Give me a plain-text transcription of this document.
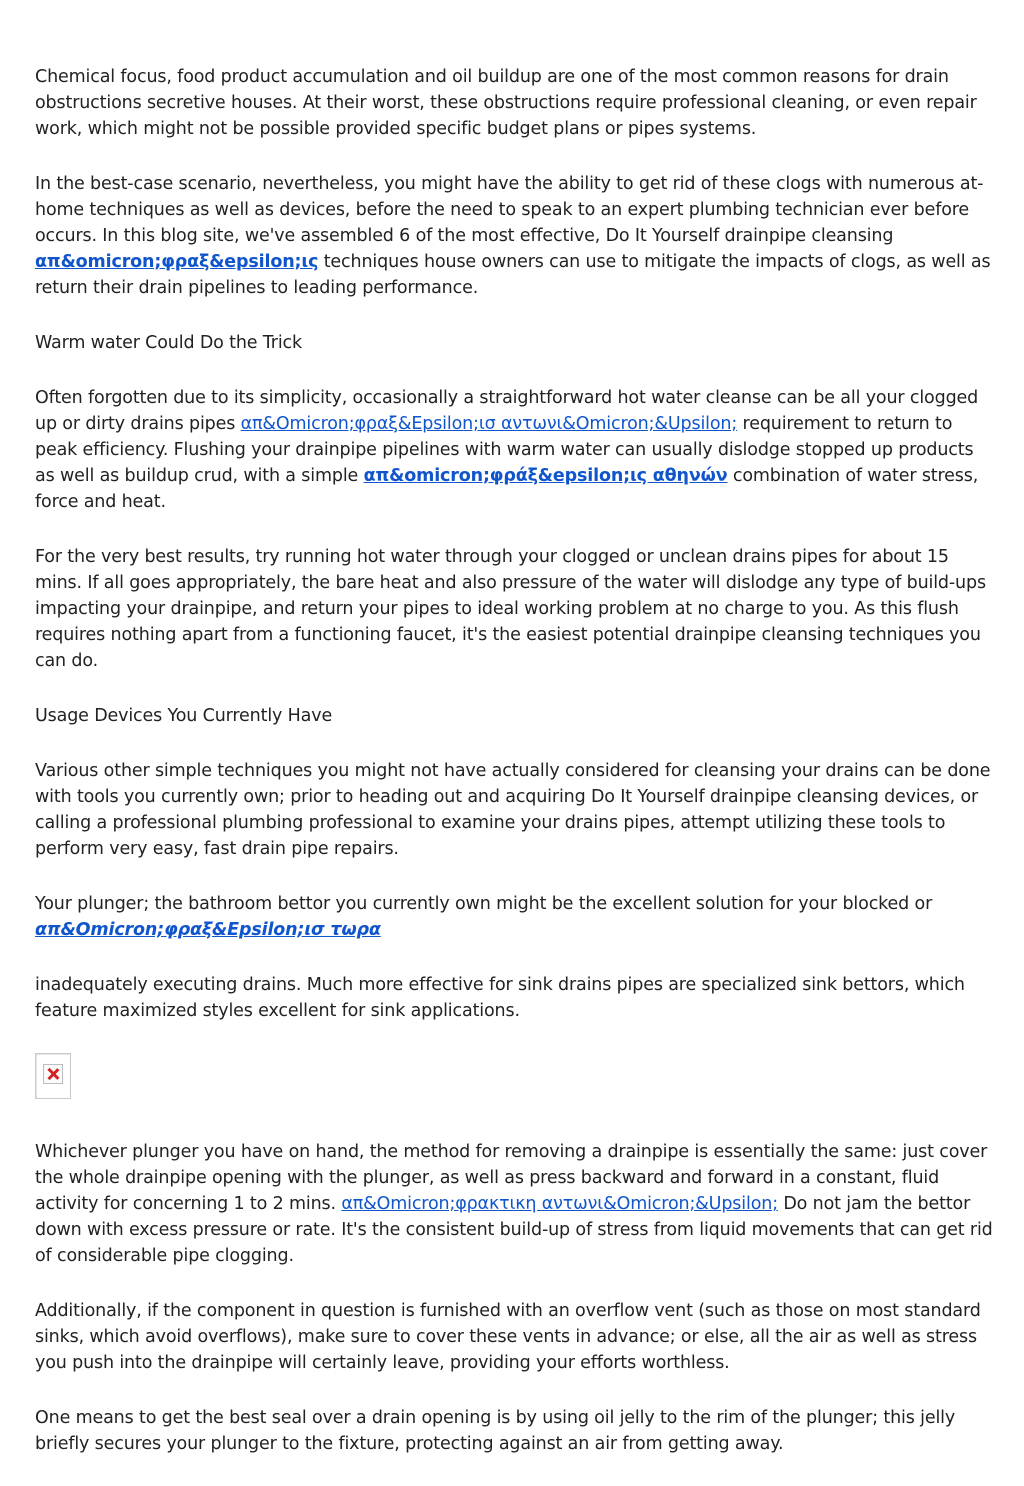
Chemical focus, food product accumulation and oil buildup are one of the most common reasons for drain obstructions secretive houses. At their worst, these obstructions require professional cleaning, or even repair work, which might not be possible provided specific budget plans or pipes systems.

In the best-case scenario, nevertheless, you might have the ability to get rid of these clogs with numerous at-home techniques as well as devices, before the need to speak to an expert plumbing technician ever before occurs. In this blog site, we've assembled 6 of the most effective, Do It Yourself drainpipe cleansing απ&omicron;φραξ&epsilon;ις techniques house owners can use to mitigate the impacts of clogs, as well as return their drain pipelines to leading performance.

Warm water Could Do the Trick

Often forgotten due to its simplicity, occasionally a straightforward hot water cleanse can be all your clogged up or dirty drains pipes απ&Omicron;φραξ&Epsilon;ισ αντωνι&Omicron;&Upsilon; requirement to return to peak efficiency. Flushing your drainpipe pipelines with warm water can usually dislodge stopped up products as well as buildup crud, with a simple απ&omicron;φράξ&epsilon;ις αθηνών combination of water stress, force and heat.

For the very best results, try running hot water through your clogged or unclean drains pipes for about 15 mins. If all goes appropriately, the bare heat and also pressure of the water will dislodge any type of build-ups impacting your drainpipe, and return your pipes to ideal working problem at no charge to you. As this flush requires nothing apart from a functioning faucet, it's the easiest potential drainpipe cleansing techniques you can do.

Usage Devices You Currently Have

Various other simple techniques you might not have actually considered for cleansing your drains can be done with tools you currently own; prior to heading out and acquiring Do It Yourself drainpipe cleansing devices, or calling a professional plumbing professional to examine your drains pipes, attempt utilizing these tools to perform very easy, fast drain pipe repairs.

Your plunger; the bathroom bettor you currently own might be the excellent solution for your blocked or απ&Omicron;φραξ&Epsilon;ισ τωρα

inadequately executing drains. Much more effective for sink drains pipes are specialized sink bettors, which feature maximized styles excellent for sink applications.

Whichever plunger you have on hand, the method for removing a drainpipe is essentially the same: just cover the whole drainpipe opening with the plunger, as well as press backward and forward in a constant, fluid activity for concerning 1 to 2 mins. απ&Omicron;φρακτικη αντωνι&Omicron;&Upsilon; Do not jam the bettor down with excess pressure or rate. It's the consistent build-up of stress from liquid movements that can get rid of considerable pipe clogging.

Additionally, if the component in question is furnished with an overflow vent (such as those on most standard sinks, which avoid overflows), make sure to cover these vents in advance; or else, all the air as well as stress you push into the drainpipe will certainly leave, providing your efforts worthless.

One means to get the best seal over a drain opening is by using oil jelly to the rim of the plunger; this jelly briefly secures your plunger to the fixture, protecting against an air from getting away.
